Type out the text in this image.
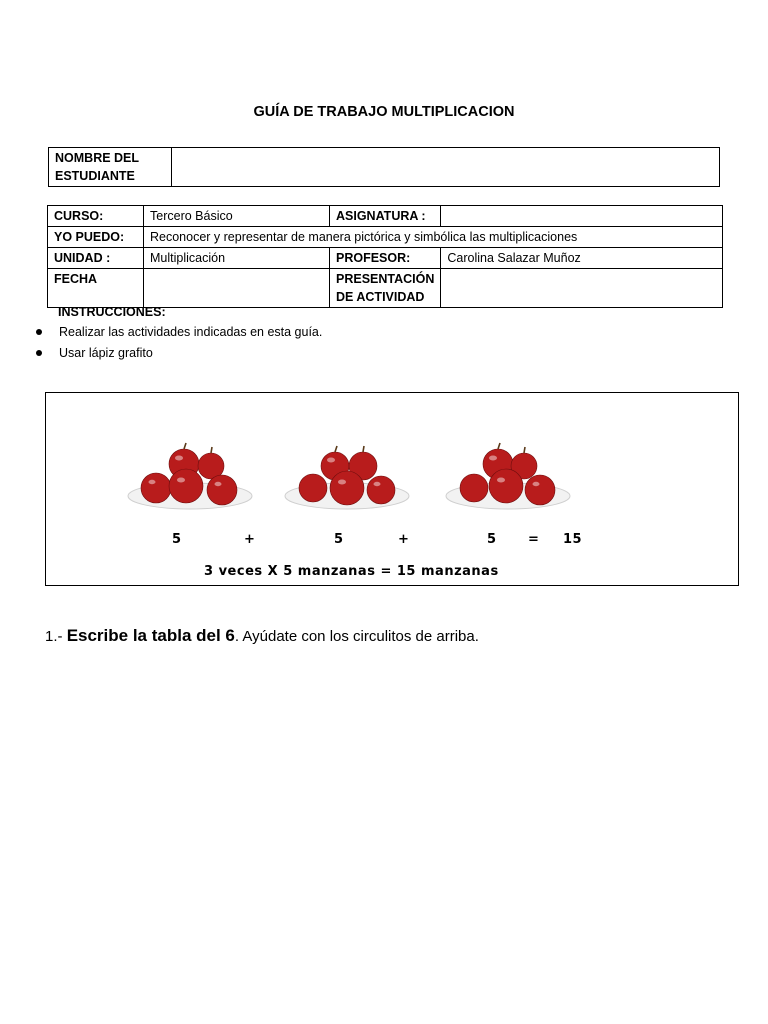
GUÍA DE TRABAJO MULTIPLICACION
NOMBRE DEL
ESTUDIANTE

CURSO:	Tercero Básico	ASIGNATURA :	
YO PUEDO:	Reconocer y representar de manera pictórica y simbólica las multiplicaciones		
UNIDAD :	Multiplicación	PROFESOR:	Carolina Salazar Muñoz
FECHA		PRESENTACIÓN
DE ACTIVIDAD	

INSTRUCCIONES:
Realizar las actividades indicadas en esta guía.
Usar lápiz grafito
5	+	5	+	5 = 15
3 veces X 5 manzanas = 15 manzanas
1.- Escribe la tabla del 6. Ayúdate con los circulitos de arriba.
